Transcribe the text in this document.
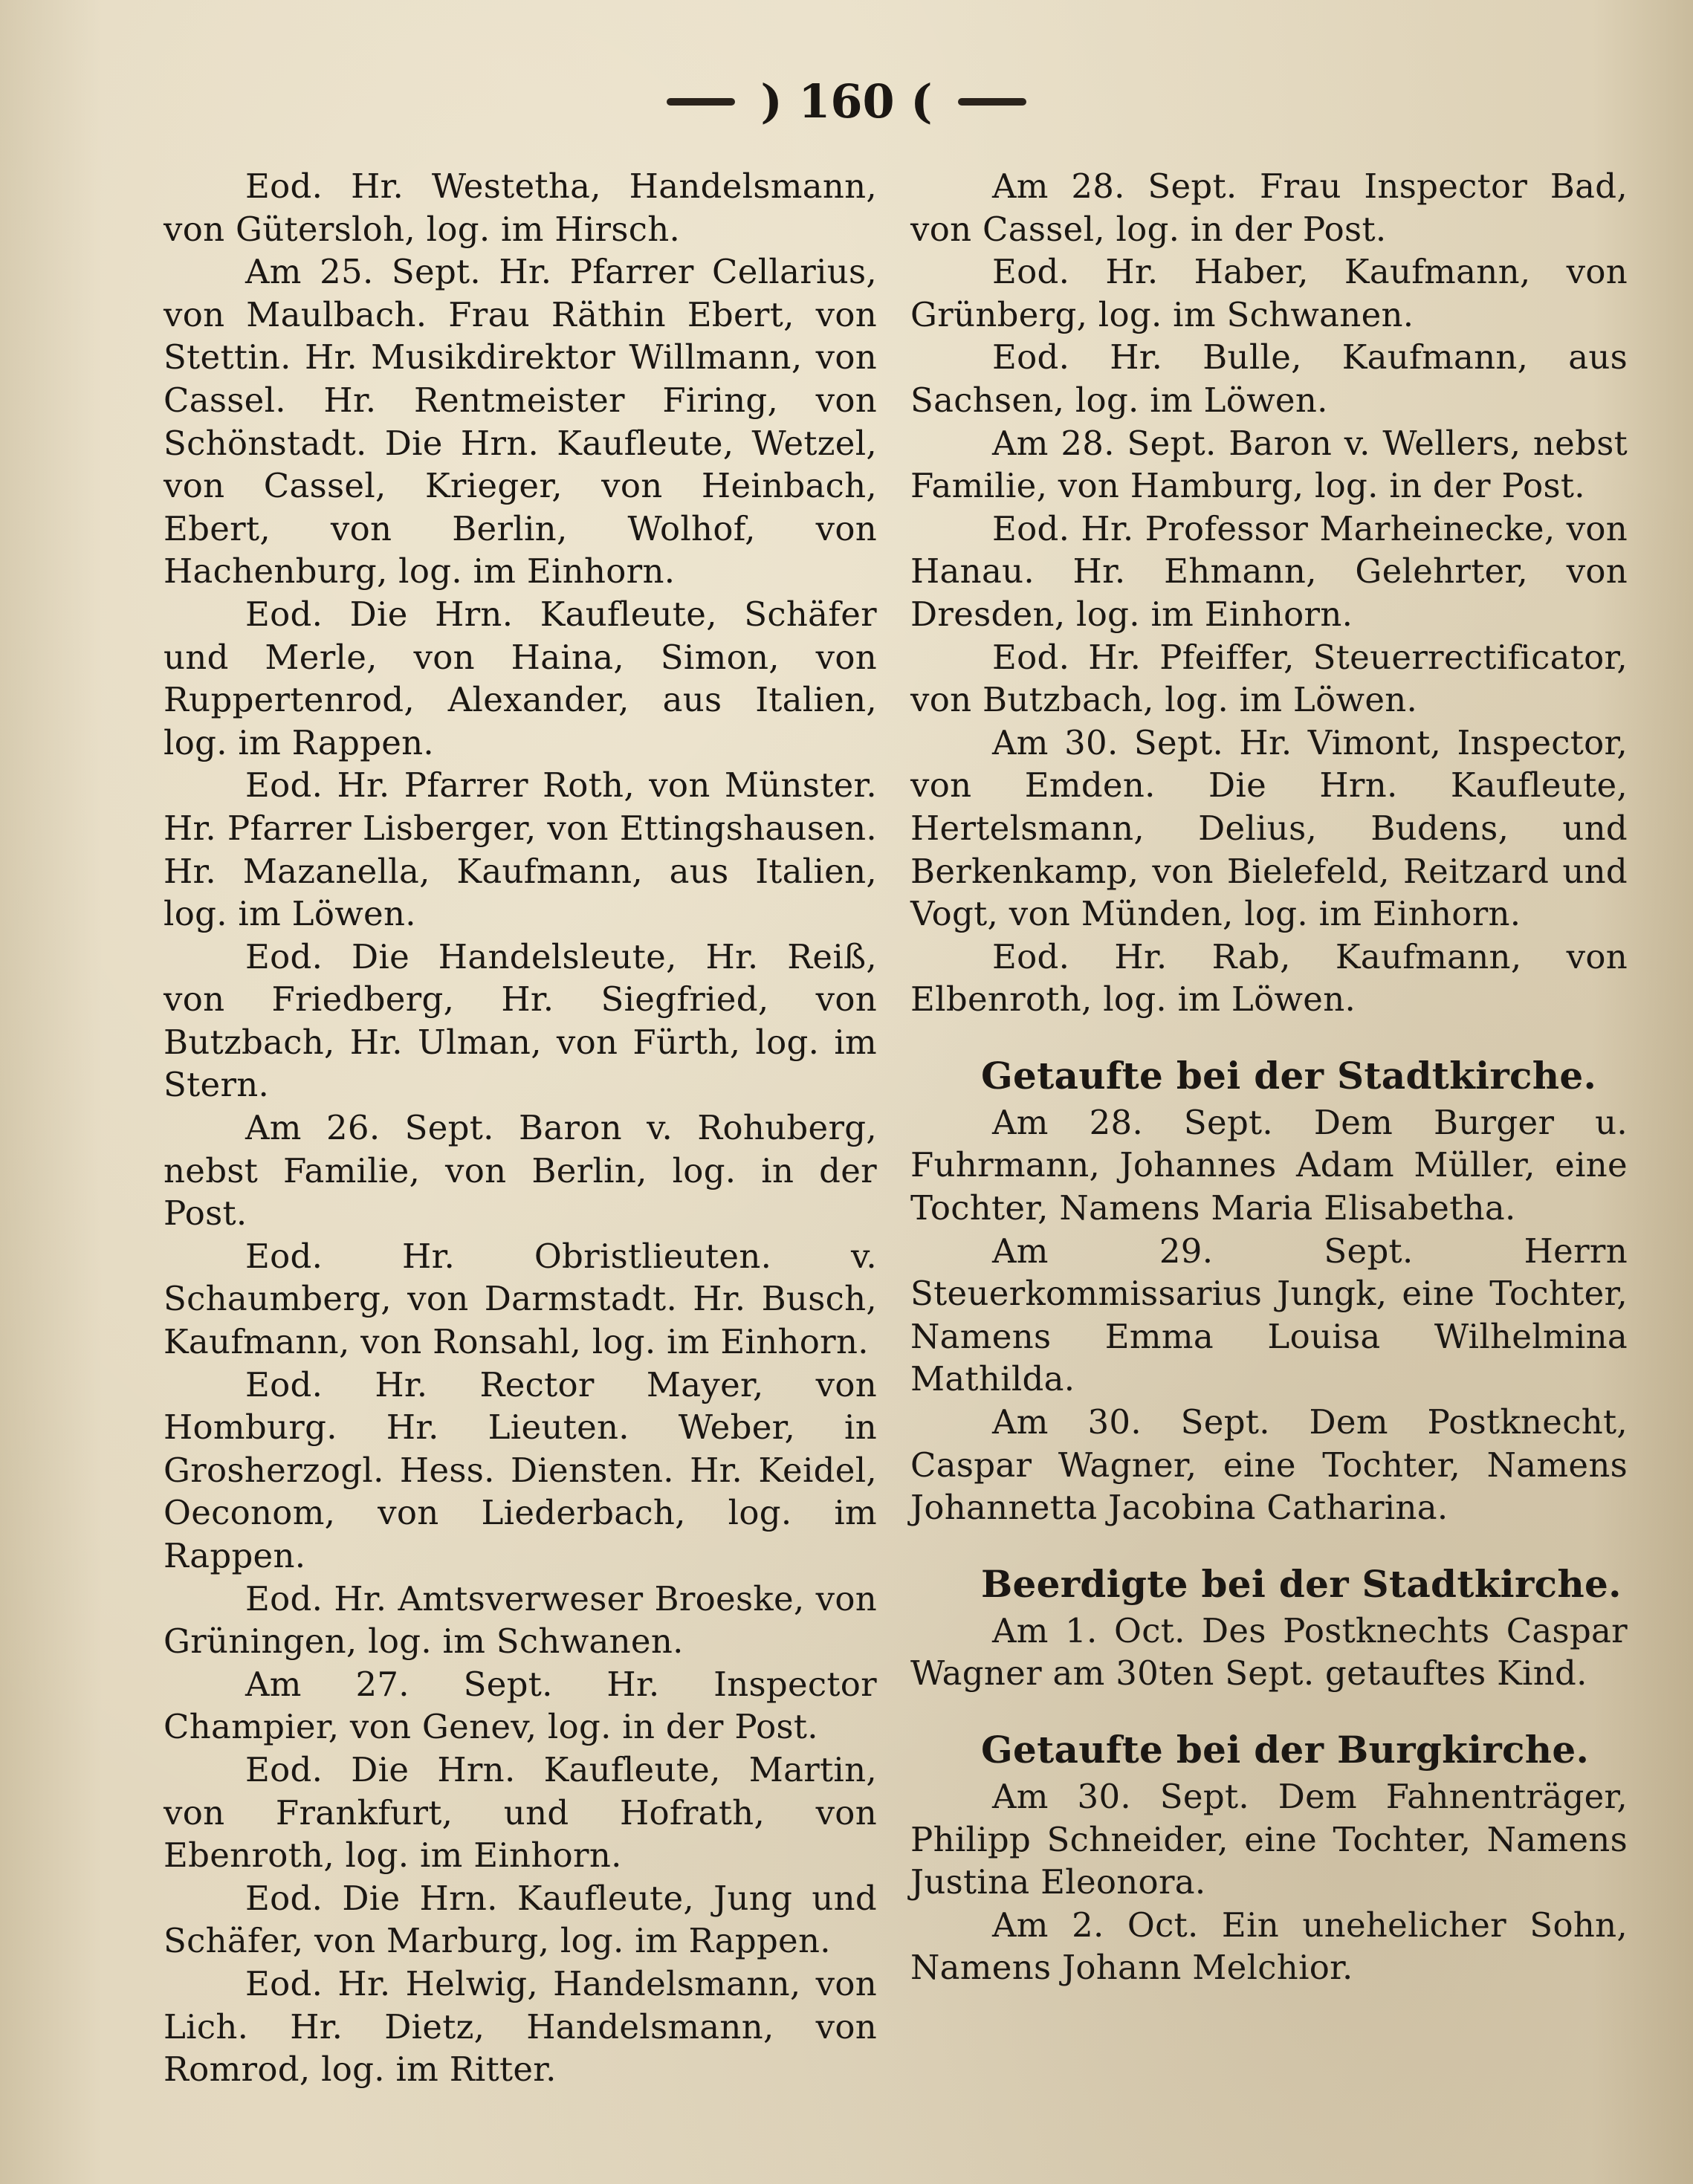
) 160 (

Eod. Hr. Westetha, Handelsmann, von Gütersloh, log. im Hirsch.

Am 25. Sept. Hr. Pfarrer Cellarius, von Maulbach. Frau Räthin Ebert, von Stettin. Hr. Musikdirektor Willmann, von Cassel. Hr. Rentmeister Firing, von Schönstadt. Die Hrn. Kaufleute, Wetzel, von Cassel, Krieger, von Heinbach, Ebert, von Berlin, Wolhof, von Hachenburg, log. im Einhorn.

Eod. Die Hrn. Kaufleute, Schäfer und Merle, von Haina, Simon, von Ruppertenrod, Alexander, aus Italien, log. im Rappen.

Eod. Hr. Pfarrer Roth, von Münster. Hr. Pfarrer Lisberger, von Ettingshausen. Hr. Mazanella, Kaufmann, aus Italien, log. im Löwen.

Eod. Die Handelsleute, Hr. Reiß, von Friedberg, Hr. Siegfried, von Butzbach, Hr. Ulman, von Fürth, log. im Stern.

Am 26. Sept. Baron v. Rohuberg, nebst Familie, von Berlin, log. in der Post.

Eod. Hr. Obristlieuten. v. Schaumberg, von Darmstadt. Hr. Busch, Kaufmann, von Ronsahl, log. im Einhorn.

Eod. Hr. Rector Mayer, von Homburg. Hr. Lieuten. Weber, in Grosherzogl. Hess. Diensten. Hr. Keidel, Oeconom, von Liederbach, log. im Rappen.

Eod. Hr. Amtsverweser Broeske, von Grüningen, log. im Schwanen.

Am 27. Sept. Hr. Inspector Champier, von Genev, log. in der Post.

Eod. Die Hrn. Kaufleute, Martin, von Frankfurt, und Hofrath, von Ebenroth, log. im Einhorn.

Eod. Die Hrn. Kaufleute, Jung und Schäfer, von Marburg, log. im Rappen.

Eod. Hr. Helwig, Handelsmann, von Lich. Hr. Dietz, Handelsmann, von Romrod, log. im Ritter.

Am 28. Sept. Frau Inspector Bad, von Cassel, log. in der Post.

Eod. Hr. Haber, Kaufmann, von Grünberg, log. im Schwanen.

Eod. Hr. Bulle, Kaufmann, aus Sachsen, log. im Löwen.

Am 28. Sept. Baron v. Wellers, nebst Familie, von Hamburg, log. in der Post.

Eod. Hr. Professor Marheinecke, von Hanau. Hr. Ehmann, Gelehrter, von Dresden, log. im Einhorn.

Eod. Hr. Pfeiffer, Steuerrectificator, von Butzbach, log. im Löwen.

Am 30. Sept. Hr. Vimont, Inspector, von Emden. Die Hrn. Kaufleute, Hertelsmann, Delius, Budens, und Berkenkamp, von Bielefeld, Reitzard und Vogt, von Münden, log. im Einhorn.

Eod. Hr. Rab, Kaufmann, von Elbenroth, log. im Löwen.

Getaufte bei der Stadtkirche.

Am 28. Sept. Dem Burger u. Fuhrmann, Johannes Adam Müller, eine Tochter, Namens Maria Elisabetha.

Am 29. Sept. Herrn Steuerkommissarius Jungk, eine Tochter, Namens Emma Louisa Wilhelmina Mathilda.

Am 30. Sept. Dem Postknecht, Caspar Wagner, eine Tochter, Namens Johannetta Jacobina Catharina.

Beerdigte bei der Stadtkirche.

Am 1. Oct. Des Postknechts Caspar Wagner am 30ten Sept. getauftes Kind.

Getaufte bei der Burgkirche.

Am 30. Sept. Dem Fahnenträger, Philipp Schneider, eine Tochter, Namens Justina Eleonora.

Am 2. Oct. Ein unehelicher Sohn, Namens Johann Melchior.
